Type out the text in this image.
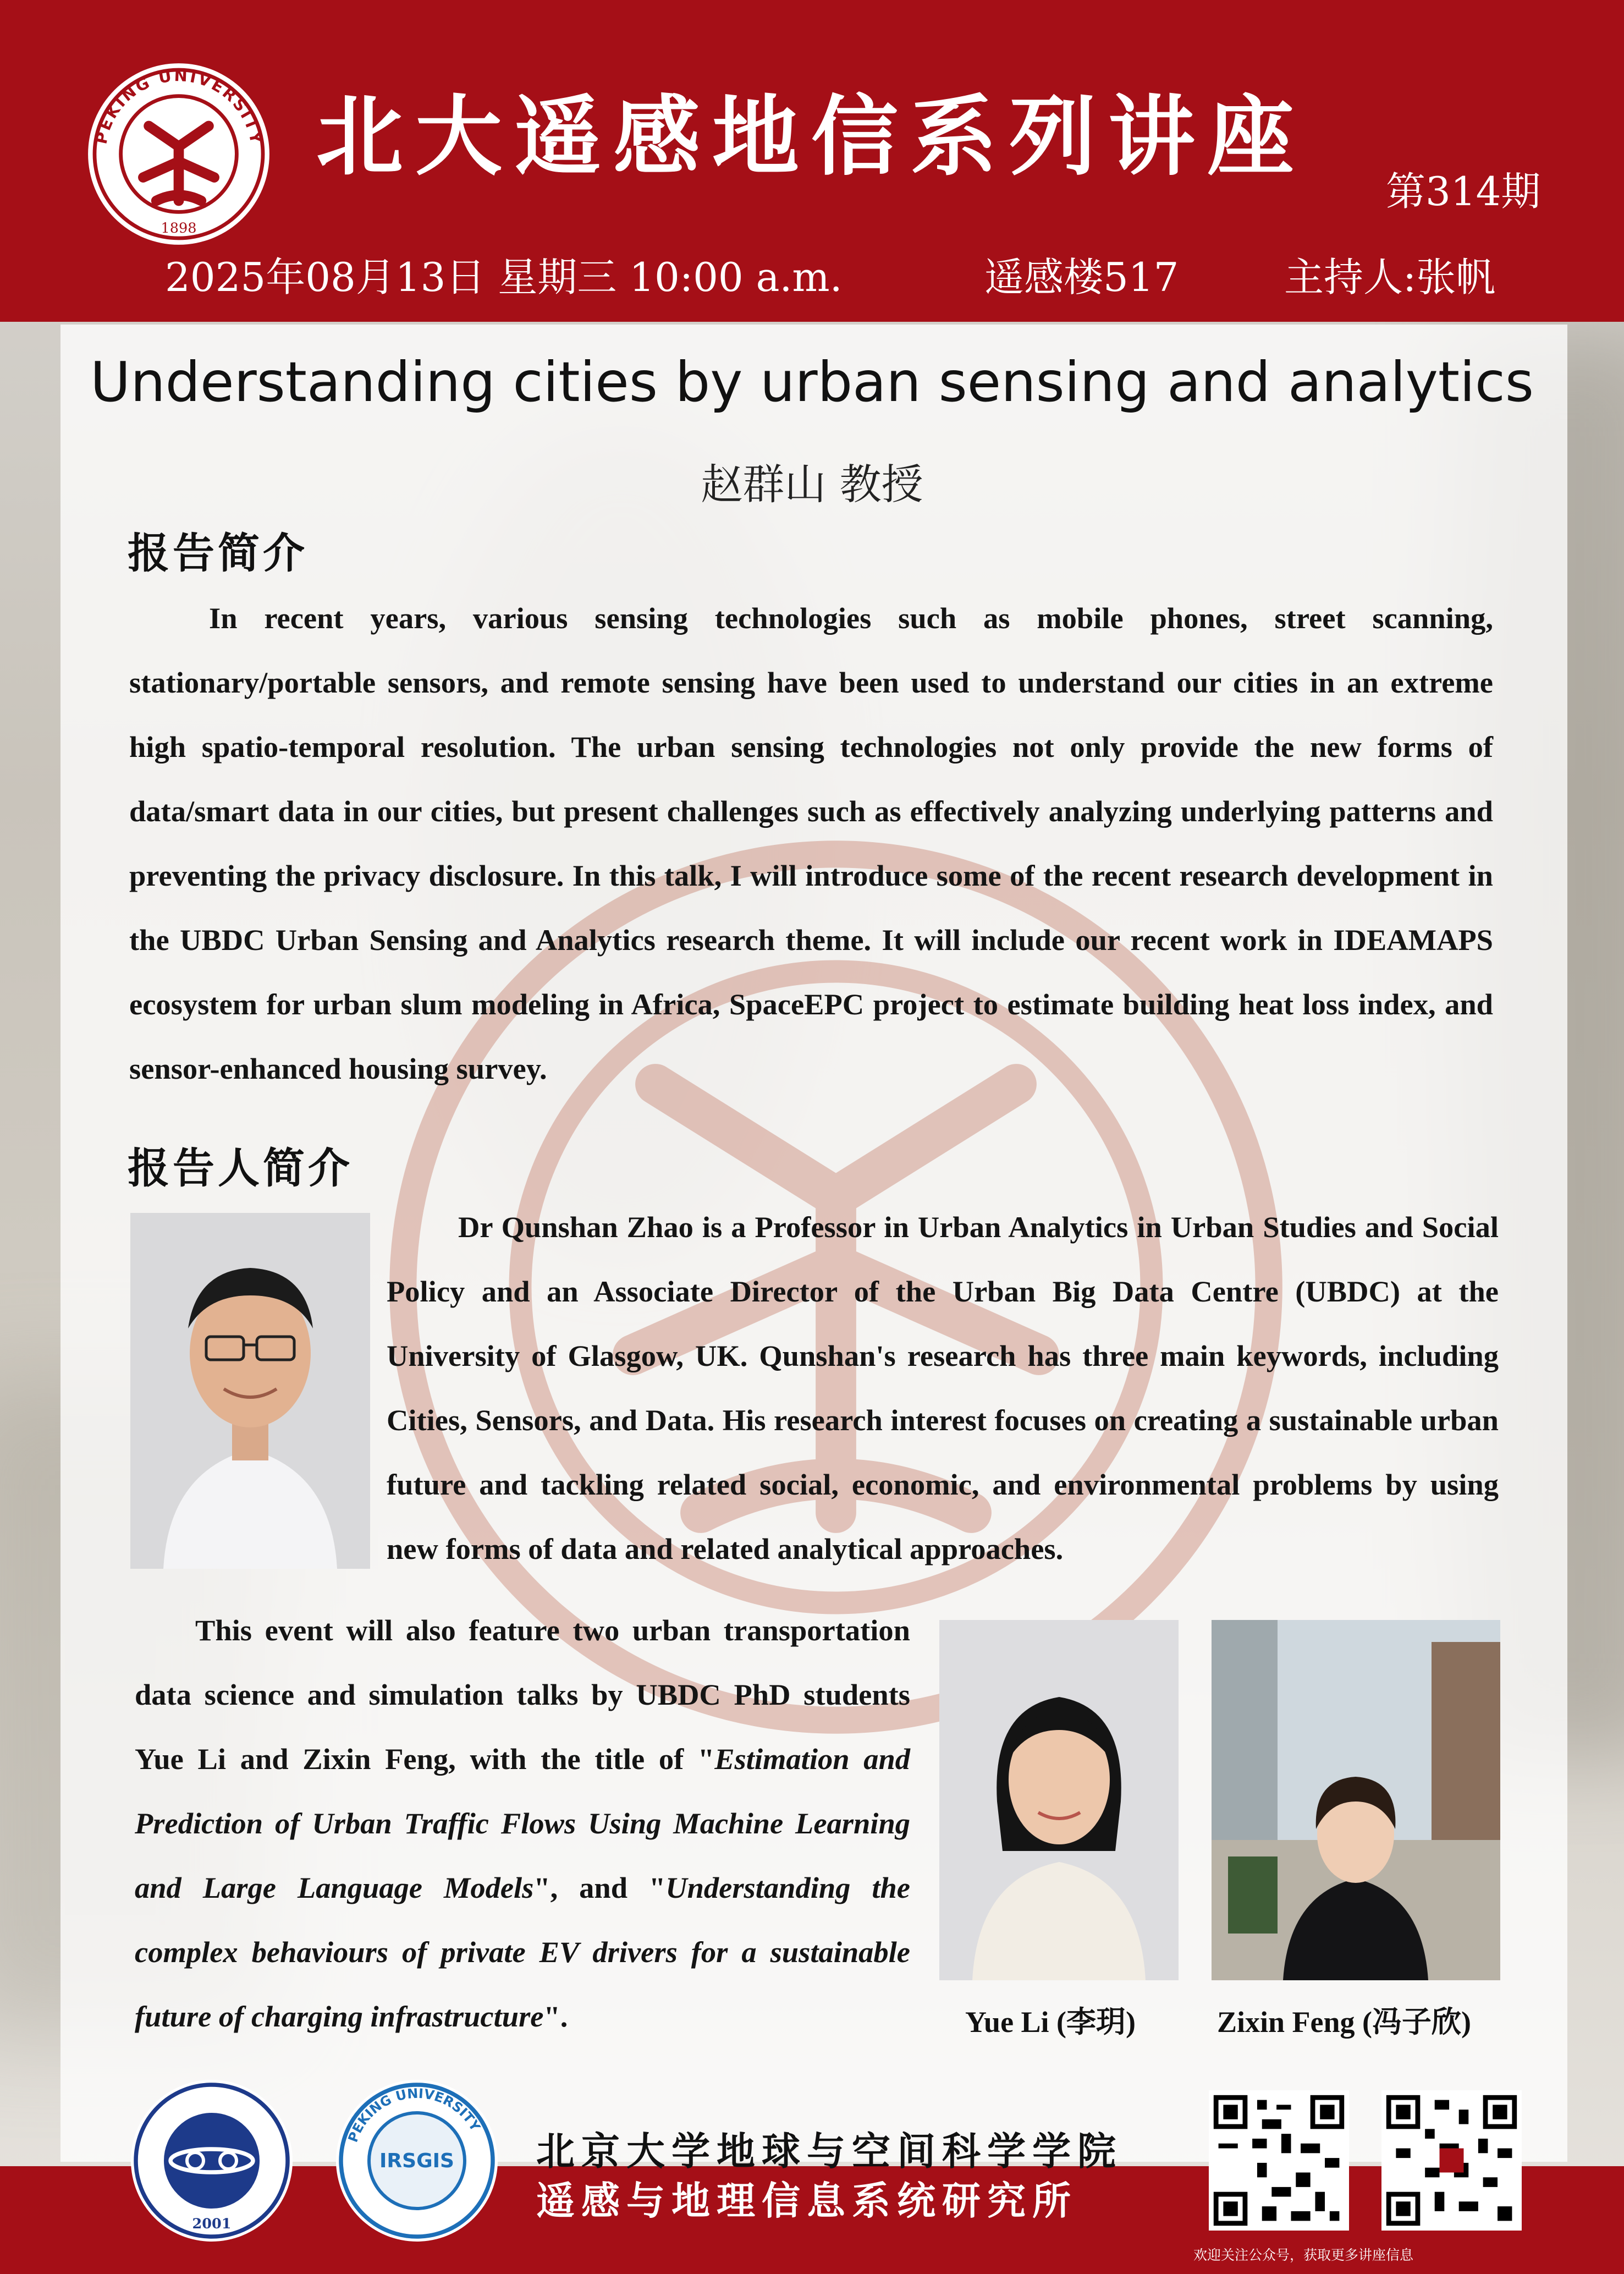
PEKING UNIVERSITY
1898
北大遥感地信系列讲座
第314期
2025年08月13日 星期三 10:00 a.m.	遥感楼517	主持人:张帆
Understanding cities by urban sensing and analytics
赵群山 教授
报告简介

In recent years, various sensing technologies such as mobile phones, street scanning, stationary/portable sensors, and remote sensing have been used to understand our cities in an extreme high spatio-temporal resolution. The urban sensing technologies not only provide the new forms of data/smart data in our cities, but present challenges such as effectively analyzing underlying patterns and preventing the privacy disclosure. In this talk, I will introduce some of the recent research development in the UBDC Urban Sensing and Analytics research theme. It will include our recent work in IDEAMAPS ecosystem for urban slum modeling in Africa, SpaceEPC project to estimate building heat loss index, and sensor-enhanced housing survey.

报告人简介

Dr Qunshan Zhao is a Professor in Urban Analytics in Urban Studies and Social Policy and an Associate Director of the Urban Big Data Centre (UBDC) at the University of Glasgow, UK. Qunshan's research has three main keywords, including Cities, Sensors, and Data. His research interest focuses on creating a sustainable urban future and tackling related social, economic, and environmental problems by using new forms of data and related analytical approaches.

This event will also feature two urban transportation data science and simulation talks by UBDC PhD students Yue Li and Zixin Feng, with the title of "Estimation and Prediction of Urban Traffic Flows Using Machine Learning and Large Language Models", and "Understanding the complex behaviours of private EV drivers for a sustainable future of charging infrastructure".	Yue Li (李玥)	Zixin Feng (冯子欣)
2001
PEKING UNIVERSITY
IRSGIS 北京大学地球与空间科学学院
遥感与地理信息系统研究所
欢迎关注公众号，获取更多讲座信息
